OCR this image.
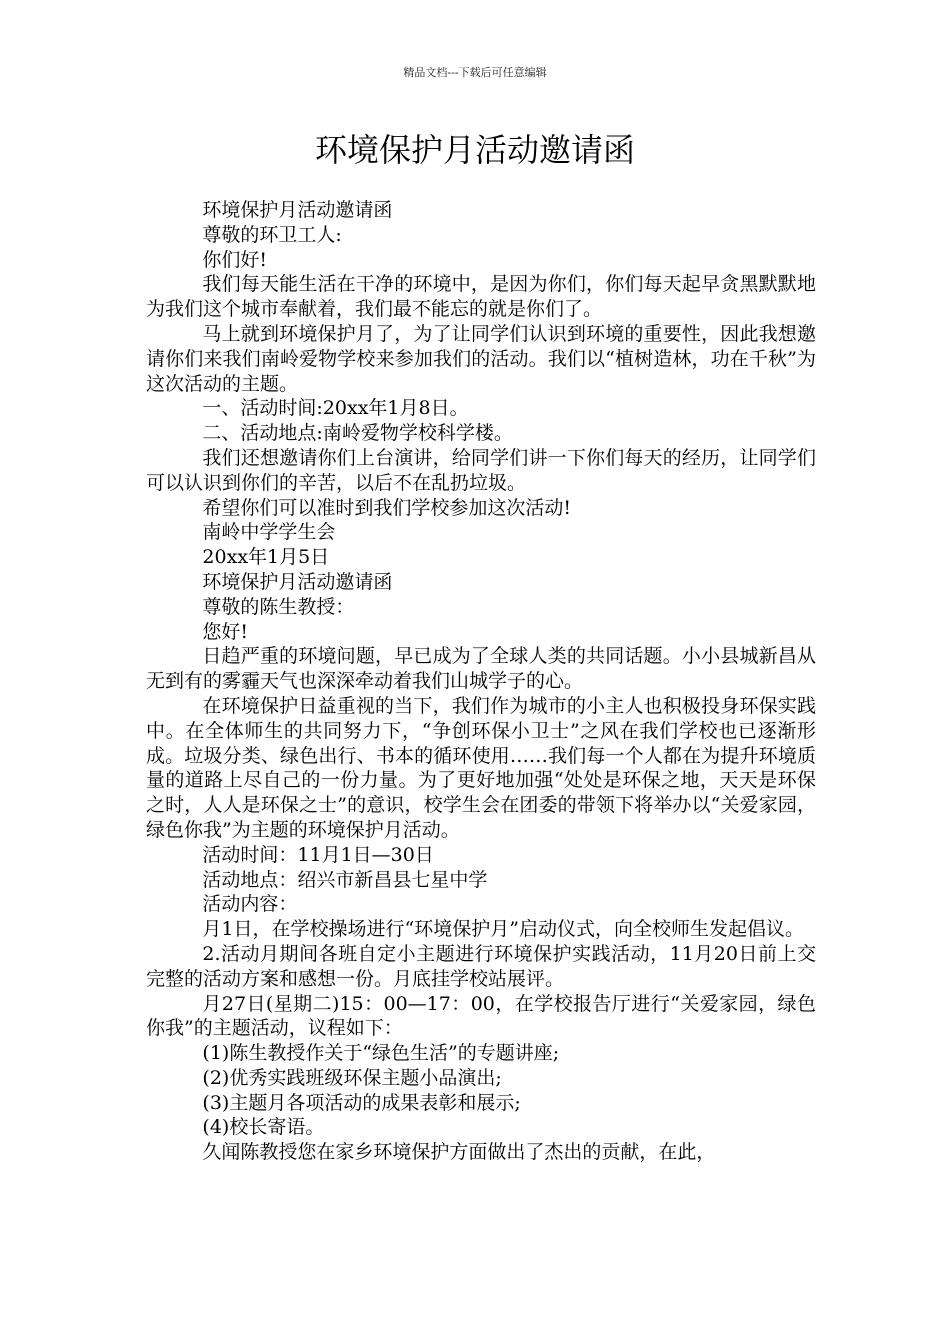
精品文档---下载后可任意编辑
环境保护月活动邀请函

环境保护月活动邀请函

尊敬的环卫工人:

你们好!

我们每天能生活在干净的环境中，是因为你们，你们每天起早贪黑默默地为我们这个城市奉献着，我们最不能忘的就是你们了。

马上就到环境保护月了，为了让同学们认识到环境的重要性，因此我想邀请你们来我们南岭爱物学校来参加我们的活动。我们以“植树造林，功在千秋”为这次活动的主题。

一、活动时间:20xx年1月8日。

二、活动地点:南岭爱物学校科学楼。

我们还想邀请你们上台演讲，给同学们讲一下你们每天的经历，让同学们可以认识到你们的辛苦，以后不在乱扔垃圾。

希望你们可以准时到我们学校参加这次活动!

南岭中学学生会

20xx年1月5日

环境保护月活动邀请函

尊敬的陈生教授：

您好!

日趋严重的环境问题，早已成为了全球人类的共同话题。小小县城新昌从无到有的雾霾天气也深深牵动着我们山城学子的心。

在环境保护日益重视的当下，我们作为城市的小主人也积极投身环保实践中。在全体师生的共同努力下，“争创环保小卫士”之风在我们学校也已逐渐形成。垃圾分类、绿色出行、书本的循环使用……我们每一个人都在为提升环境质量的道路上尽自己的一份力量。为了更好地加强“处处是环保之地，天天是环保之时，人人是环保之士”的意识，校学生会在团委的带领下将举办以“关爱家园，绿色你我”为主题的环境保护月活动。

活动时间：11月1日—30日

活动地点：绍兴市新昌县七星中学

活动内容：

月1日，在学校操场进行“环境保护月”启动仪式，向全校师生发起倡议。

2.活动月期间各班自定小主题进行环境保护实践活动，11月20日前上交完整的活动方案和感想一份。月底挂学校站展评。

月27日(星期二)15：00—17：00，在学校报告厅进行“关爱家园，绿色你我”的主题活动，议程如下：

(1)陈生教授作关于“绿色生活”的专题讲座;

(2)优秀实践班级环保主题小品演出;

(3)主题月各项活动的成果表彰和展示;

(4)校长寄语。

久闻陈教授您在家乡环境保护方面做出了杰出的贡献，在此，
